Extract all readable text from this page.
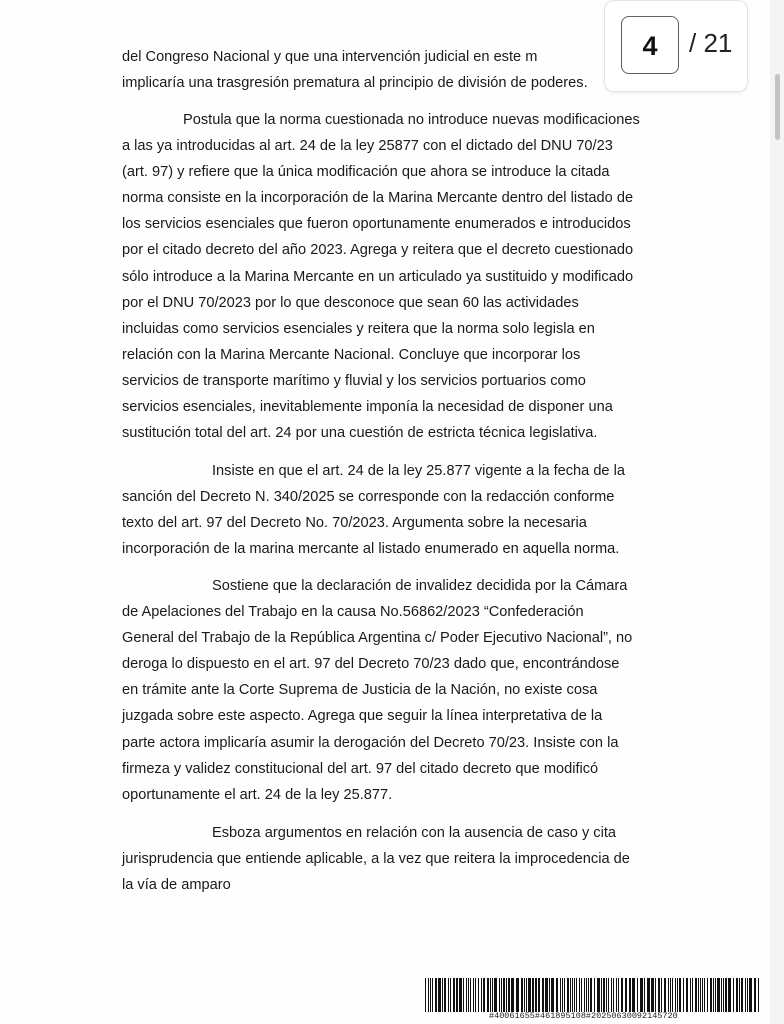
del Congreso Nacional y que una intervención judicial en este m

implicaría una trasgresión prematura al principio de división de poderes.

Postula que la norma cuestionada no introduce nuevas modificaciones

a las ya introducidas al art. 24 de la ley 25877 con el dictado del DNU 70/23

(art. 97) y refiere que la única modificación que ahora se introduce la citada

norma consiste en la incorporación de la Marina Mercante dentro del listado de

los servicios esenciales que fueron oportunamente enumerados e introducidos

por el citado decreto del año 2023. Agrega y reitera que el decreto cuestionado

sólo introduce a la Marina Mercante en un articulado ya sustituido y modificado

por el DNU 70/2023 por lo que desconoce que sean 60 las actividades

incluidas como servicios esenciales y reitera que la norma solo legisla en

relación con la Marina Mercante Nacional. Concluye que incorporar los

servicios de transporte marítimo y fluvial y los servicios portuarios como

servicios esenciales, inevitablemente imponía la necesidad de disponer una

sustitución total del art. 24 por una cuestión de estricta técnica legislativa.

Insiste en que el art. 24 de la ley 25.877 vigente a la fecha de la

sanción del Decreto N. 340/2025 se corresponde con la redacción conforme

texto del art. 97 del Decreto No. 70/2023. Argumenta sobre la necesaria

incorporación de la marina mercante al listado enumerado en aquella norma.

Sostiene que la declaración de invalidez decidida por la Cámara

de Apelaciones del Trabajo en la causa No.56862/2023 “Confederación

General del Trabajo de la República Argentina c/ Poder Ejecutivo Nacional”, no

deroga lo dispuesto en el art. 97 del Decreto 70/23 dado que, encontrándose

en trámite ante la Corte Suprema de Justicia de la Nación, no existe cosa

juzgada sobre este aspecto. Agrega que seguir la línea interpretativa de la

parte actora implicaría asumir la derogación del Decreto 70/23. Insiste con la

firmeza y validez constitucional del art. 97 del citado decreto que modificó

oportunamente el art. 24 de la ley 25.877.

Esboza argumentos en relación con la ausencia de caso y cita

jurisprudencia que entiende aplicable, a la vez que reitera la improcedencia de

la vía de amparo

#40061655#461895108#20250630092145720
4	/ 21
